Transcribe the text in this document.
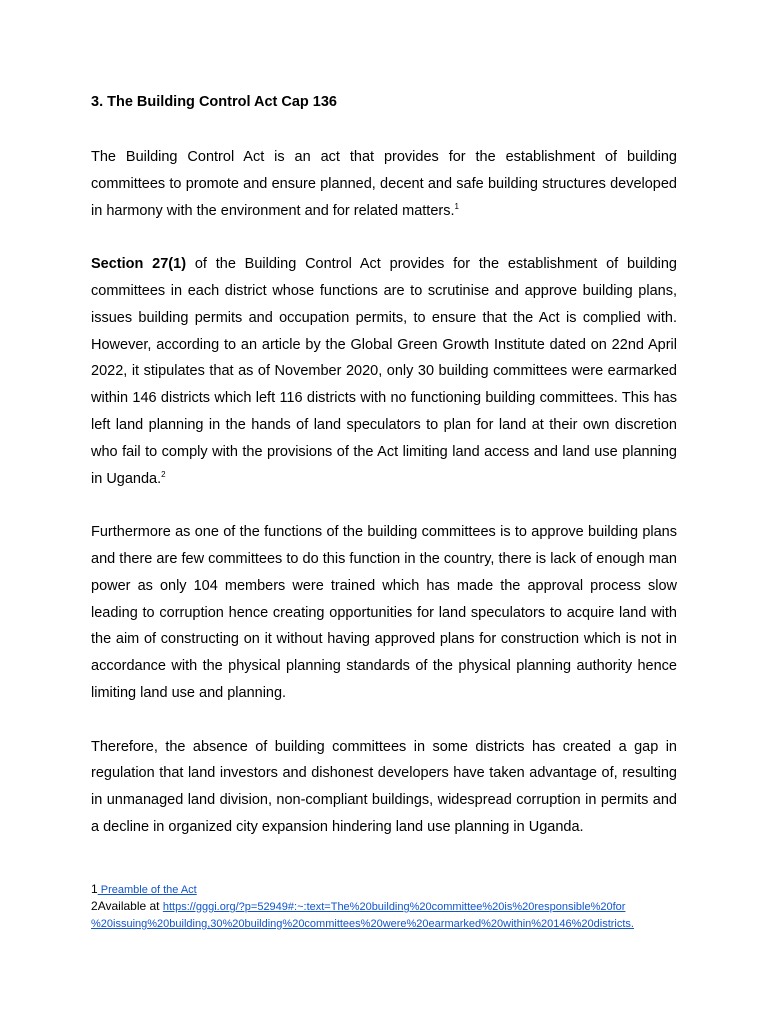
3. The Building Control Act Cap 136

The Building Control Act is an act that provides for the establishment of building committees to promote and ensure planned, decent and safe building structures developed in harmony with the environment and for related matters.$^1$

Section 27(1) of the Building Control Act provides for the establishment of building committees in each district whose functions are to scrutinise and approve building plans, issues building permits and occupation permits, to ensure that the Act is complied with. However, according to an article by the Global Green Growth Institute dated on 22nd April 2022, it stipulates that as of November 2020, only 30 building committees were earmarked within 146 districts which left 116 districts with no functioning building committees. This has left land planning in the hands of land speculators to plan for land at their own discretion who fail to comply with the provisions of the Act limiting land access and land use planning in Uganda.$^2$

Furthermore as one of the functions of the building committees is to approve building plans and there are few committees to do this function in the country, there is lack of enough man power as only 104 members were trained which has made the approval process slow leading to corruption hence creating opportunities for land speculators to acquire land with the aim of constructing on it without having approved plans for construction which is not in accordance with the physical planning standards of the physical planning authority hence limiting land use and planning.

Therefore, the absence of building committees in some districts has created a gap in regulation that land investors and dishonest developers have taken advantage of, resulting in unmanaged land division, non-compliant buildings, widespread corruption in permits and a decline in organized city expansion hindering land use planning in Uganda.

1 Preamble of the Act
2Available at https://gggi.org/?p=52949#:~:text=The%20building%20committee%20is%20responsible%20for
%20issuing%20building,30%20building%20committees%20were%20earmarked%20within%20146%20districts.
